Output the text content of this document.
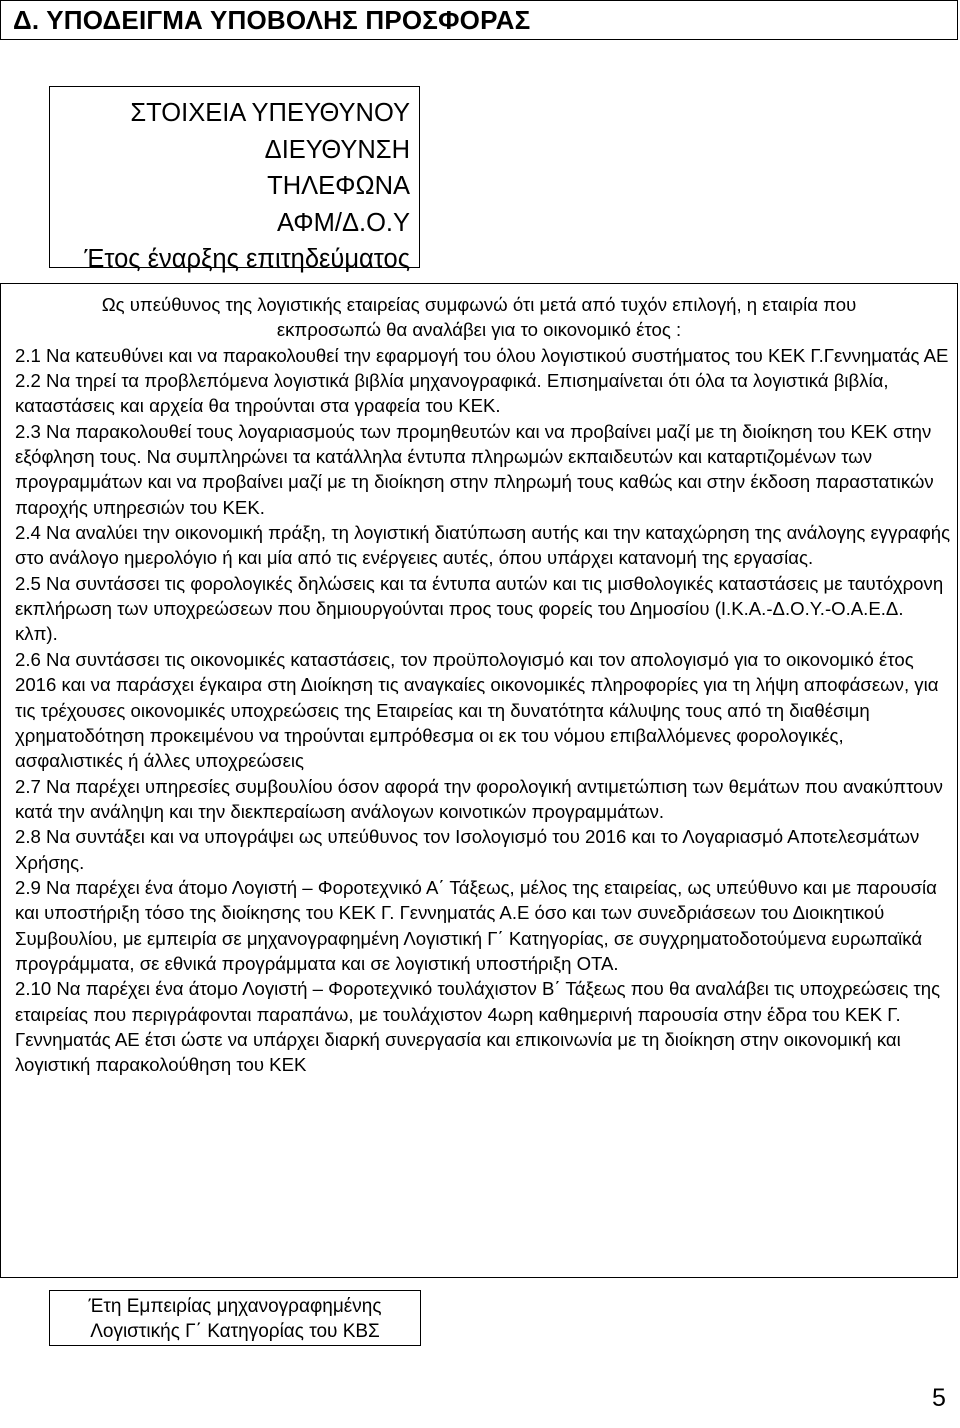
Δ. ΥΠΟΔΕΙΓΜΑ ΥΠΟΒΟΛΗΣ ΠΡΟΣΦΟΡΑΣ
ΣΤΟΙΧΕΙΑ ΥΠΕΥΘΥΝΟΥ
ΔΙΕΥΘΥΝΣΗ
ΤΗΛΕΦΩΝΑ
ΑΦΜ/Δ.Ο.Υ
Έτος έναρξης επιτηδεύματος
Ως υπεύθυνος της λογιστικής εταιρείας συμφωνώ ότι μετά από τυχόν επιλογή, η εταιρία που
εκπροσωπώ θα αναλάβει για το οικονομικό έτος :

2.1 Να κατευθύνει και να παρακολουθεί την εφαρμογή του όλου λογιστικού συστήματος του ΚΕΚ Γ.Γεννηματάς ΑΕ

2.2 Να τηρεί τα προβλεπόμενα λογιστικά βιβλία μηχανογραφικά. Επισημαίνεται ότι όλα τα λογιστικά βιβλία, καταστάσεις και αρχεία θα τηρούνται στα γραφεία του ΚΕΚ.

2.3 Να παρακολουθεί τους λογαριασμούς των προμηθευτών και να προβαίνει μαζί με τη διοίκηση του ΚΕΚ στην εξόφληση τους. Να συμπληρώνει τα κατάλληλα έντυπα πληρωμών εκπαιδευτών και καταρτιζομένων των προγραμμάτων και να προβαίνει μαζί με τη διοίκηση στην πληρωμή τους καθώς και στην έκδοση παραστατικών παροχής υπηρεσιών του ΚΕΚ.

2.4 Να αναλύει την οικονομική πράξη, τη λογιστική διατύπωση αυτής και την καταχώρηση της ανάλογης εγγραφής στο ανάλογο ημερολόγιο ή και μία από τις ενέργειες αυτές, όπου υπάρχει κατανομή της εργασίας.

2.5 Να συντάσσει τις φορολογικές δηλώσεις και τα έντυπα αυτών και τις μισθολογικές καταστάσεις με ταυτόχρονη εκπλήρωση των υποχρεώσεων που δημιουργούνται προς τους φορείς του Δημοσίου (Ι.Κ.Α.-Δ.Ο.Υ.-Ο.Α.Ε.Δ. κλπ).

2.6 Να συντάσσει τις οικονομικές καταστάσεις, τον προϋπολογισμό και τον απολογισμό για το οικονομικό έτος 2016 και να παράσχει έγκαιρα στη Διοίκηση τις αναγκαίες οικονομικές πληροφορίες για τη λήψη αποφάσεων, για τις τρέχουσες οικονομικές υποχρεώσεις της Εταιρείας και τη δυνατότητα κάλυψης τους από τη διαθέσιμη χρηματοδότηση προκειμένου να τηρούνται εμπρόθεσμα οι εκ του νόμου επιβαλλόμενες φορολογικές, ασφαλιστικές ή άλλες υποχρεώσεις

2.7 Να παρέχει υπηρεσίες συμβουλίου όσον αφορά την φορολογική αντιμετώπιση των θεμάτων που ανακύπτουν κατά την ανάληψη και την διεκπεραίωση ανάλογων κοινοτικών προγραμμάτων.

2.8 Να συντάξει και να υπογράψει ως υπεύθυνος τον Ισολογισμό του 2016 και το Λογαριασμό Αποτελεσμάτων Χρήσης.

2.9 Να παρέχει ένα άτομο Λογιστή – Φοροτεχνικό Α΄ Τάξεως, μέλος της εταιρείας, ως υπεύθυνο και με παρουσία και υποστήριξη τόσο της διοίκησης του ΚΕΚ Γ. Γεννηματάς Α.Ε όσο και των συνεδριάσεων του Διοικητικού Συμβουλίου, με εμπειρία σε μηχανογραφημένη Λογιστική Γ΄ Κατηγορίας, σε συγχρηματοδοτούμενα ευρωπαϊκά προγράμματα, σε εθνικά προγράμματα και σε λογιστική υποστήριξη ΟΤΑ.

2.10 Να παρέχει ένα άτομο Λογιστή – Φοροτεχνικό τουλάχιστον Β΄ Τάξεως που θα αναλάβει τις υποχρεώσεις της εταιρείας που περιγράφονται παραπάνω, με τουλάχιστον 4ωρη καθημερινή παρουσία στην έδρα του ΚΕΚ Γ. Γεννηματάς ΑΕ έτσι ώστε να υπάρχει διαρκή συνεργασία και επικοινωνία με τη διοίκηση στην οικονομική και λογιστική παρακολούθηση του ΚΕΚ

Έτη Εμπειρίας μηχανογραφημένης
Λογιστικής Γ΄ Κατηγορίας του ΚΒΣ
5
